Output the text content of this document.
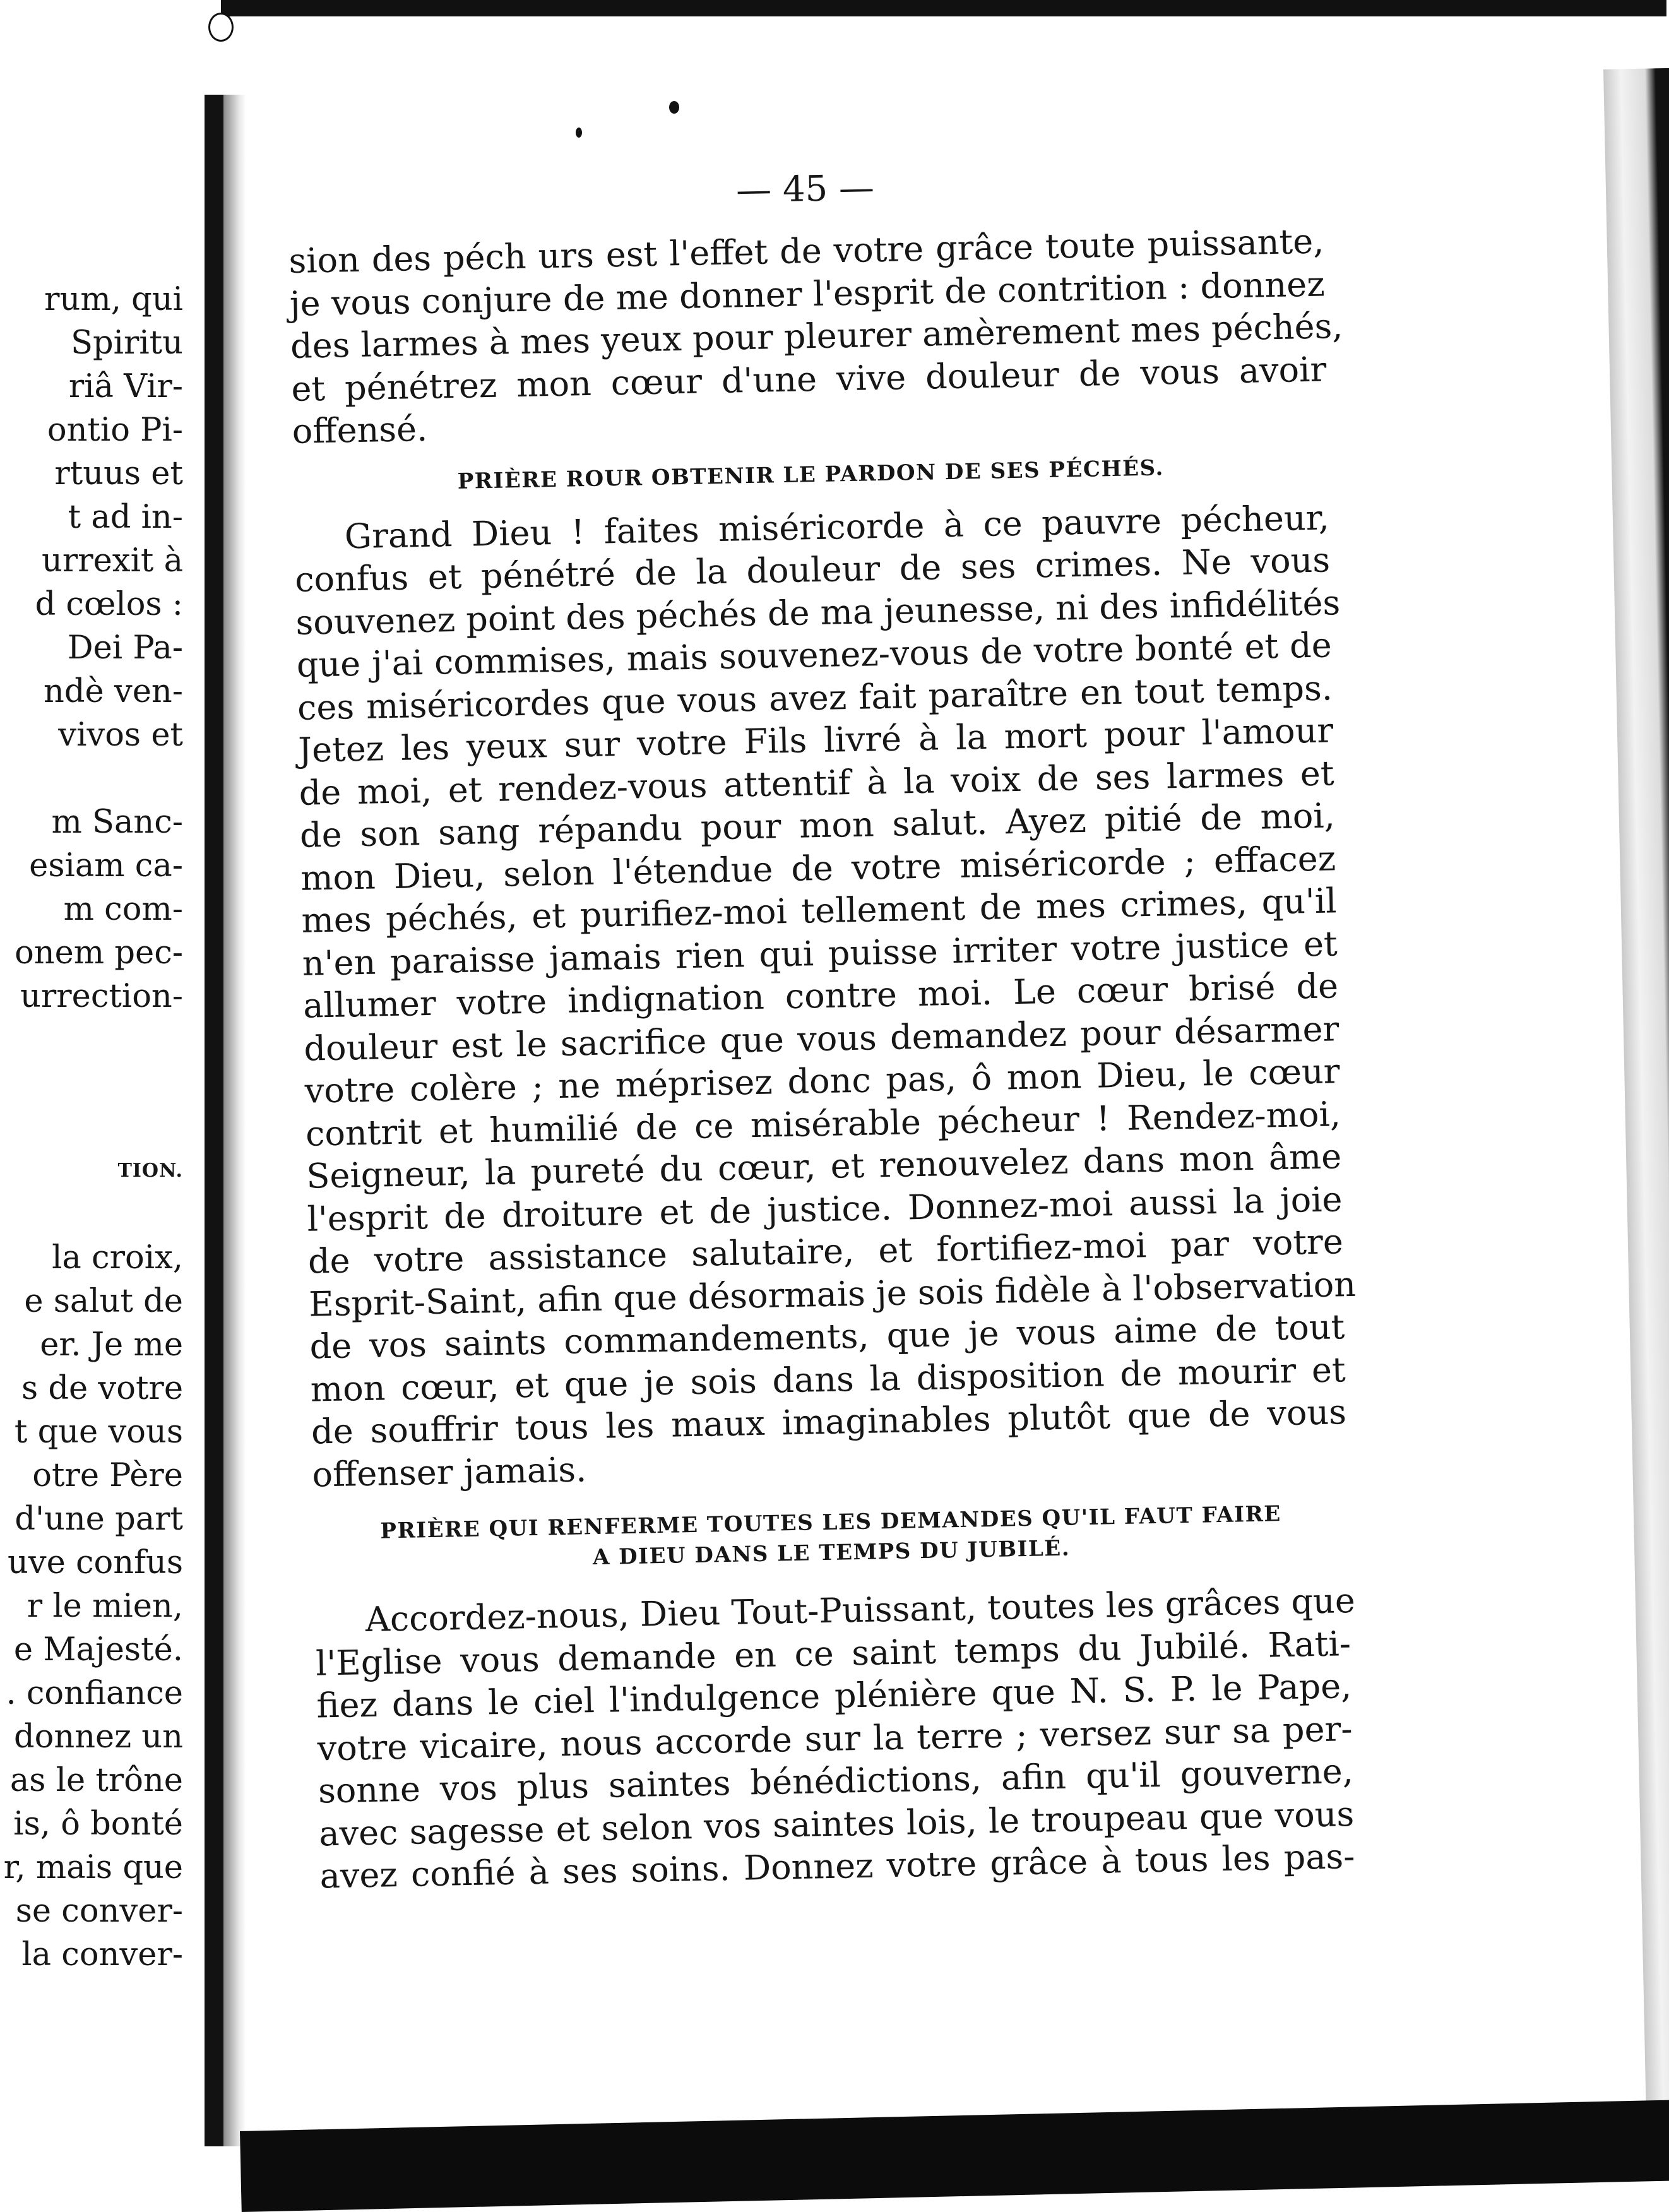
rum, qui
Spiritu
riâ Vir-
ontio Pi-
rtuus et
t ad in-
urrexit à
d cœlos :
Dei Pa-
ndè ven-
vivos et
m Sanc-
esiam ca-
m com-
onem pec-
urrection-
TION.
la croix,
e salut de
er. Je me
s de votre
t que vous
otre Père
d'une part
uve confus
r le mien,
e Majesté.
. confiance
donnez un
as le trône
is, ô bonté
r, mais que
se conver-
la conver-
— 45 —
sion des péch urs est l'effet de votre grâce toute puissante,
je vous conjure de me donner l'esprit de contrition : donnez
des larmes à mes yeux pour pleurer amèrement mes péchés,
et pénétrez mon cœur d'une vive douleur de vous avoir
offensé.
PRIÈRE ROUR OBTENIR LE PARDON DE SES PÉCHÉS.
Grand Dieu ! faites miséricorde à ce pauvre pécheur,
confus et pénétré de la douleur de ses crimes. Ne vous
souvenez point des péchés de ma jeunesse, ni des infidélités
que j'ai commises, mais souvenez-vous de votre bonté et de
ces miséricordes que vous avez fait paraître en tout temps.
Jetez les yeux sur votre Fils livré à la mort pour l'amour
de moi, et rendez-vous attentif à la voix de ses larmes et
de son sang répandu pour mon salut. Ayez pitié de moi,
mon Dieu, selon l'étendue de votre miséricorde ; effacez
mes péchés, et purifiez-moi tellement de mes crimes, qu'il
n'en paraisse jamais rien qui puisse irriter votre justice et
allumer votre indignation contre moi. Le cœur brisé de
douleur est le sacrifice que vous demandez pour désarmer
votre colère ; ne méprisez donc pas, ô mon Dieu, le cœur
contrit et humilié de ce misérable pécheur ! Rendez-moi,
Seigneur, la pureté du cœur, et renouvelez dans mon âme
l'esprit de droiture et de justice. Donnez-moi aussi la joie
de votre assistance salutaire, et fortifiez-moi par votre
Esprit-Saint, afin que désormais je sois fidèle à l'observation
de vos saints commandements, que je vous aime de tout
mon cœur, et que je sois dans la disposition de mourir et
de souffrir tous les maux imaginables plutôt que de vous
offenser jamais.
PRIÈRE QUI RENFERME TOUTES LES DEMANDES QU'IL FAUT FAIRE
A DIEU DANS LE TEMPS DU JUBILÉ.
Accordez-nous, Dieu Tout-Puissant, toutes les grâces que
l'Eglise vous demande en ce saint temps du Jubilé. Rati-
fiez dans le ciel l'indulgence plénière que N. S. P. le Pape,
votre vicaire, nous accorde sur la terre ; versez sur sa per-
sonne vos plus saintes bénédictions, afin qu'il gouverne,
avec sagesse et selon vos saintes lois, le troupeau que vous
avez confié à ses soins. Donnez votre grâce à tous les pas-
